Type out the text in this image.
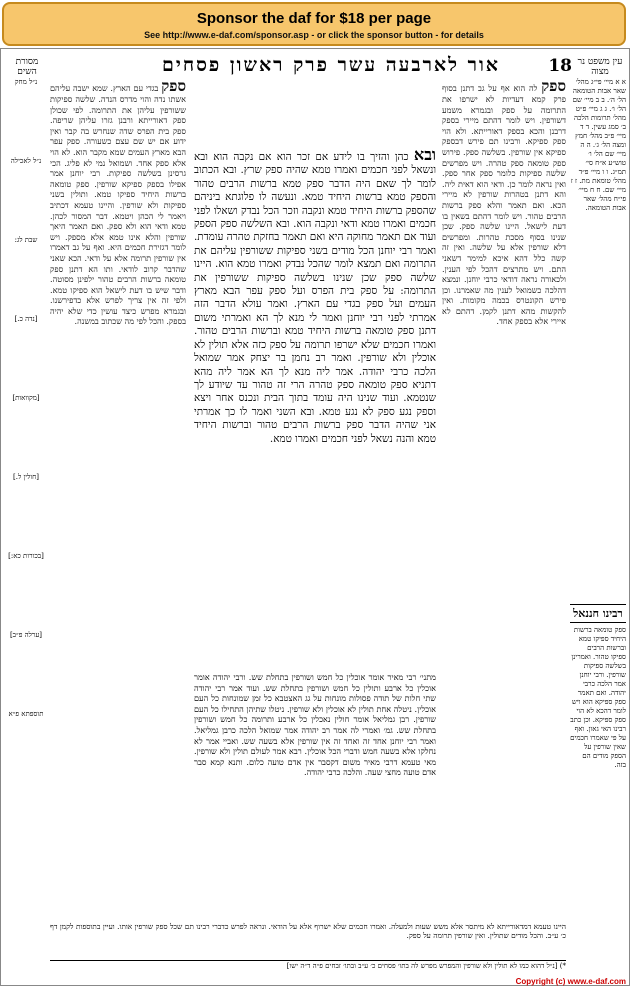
Sponsor the daf for $18 per page
See http://www.e-daf.com/sponsor.asp - or click the sponsor button - for details
עין משפט נר מצוה
18
אור לארבעה עשר פרק ראשון פסחים
מסורת השים
א א מיי׳ פי״ג מהל׳ שאר אבות הטומאה הל׳ ה׳. ב ב מיי׳ שם הל׳ ו׳. ג ג מיי׳ פ״ט מהל׳ תרומות הלכה ב׳ סמג עשין. ד ד מיי׳ פ״ב מהל׳ חמץ ומצה הל׳ ג׳. ה ה מיי׳ שם הל׳ ו׳ טוש״ע א״ח סי׳ תמ״ג. ו ו מיי׳ פ״ד מהל׳ טומאת מת. ז ז מיי׳ שם. ח ח מיי׳ פי״ח מהל׳ שאר אבות הטומאה.
רבינו חננאל
ספק טומאה ברשות היחיד ספיקו טמא וברשות הרבים ספיקו טהור. ואמרינן בשלשה ספיקות שורפין. ורבי יוחנן אמר הלכה כרבי יהודה. ואם תאמר ספק ספיקא הוא ויש לומר דהכא לא הוי ספק ספיקא. וכן כתב רבינו האי גאון. ואף על פי שאמרו חכמים שאין שורפין על הספק מודים הם בזה.
ספק לה הוא אף על גב דתנן בסוף פרק קמא דעדיות לא ישרפו את התרומה על ספק ובגמרא משמע דשורפין. ויש לומר דהתם מיירי בספק דרבנן והכא בספק דאורייתא. ולא הוי ספק ספיקא. ורבינו תם פירש דבספק ספיקא אין שורפין. בשלשה ספק. פירוש ספק טומאה ספק טהרה. ויש מפרשים שלשה ספיקות כלומר ספק אחר ספק. ואין נראה לומר כן. ודאי הוא דאית ליה. והא דתנן בטהרות שורפין לא מיירי הכא. ואם תאמר והלא ספק ברשות הרבים טהור. ויש לומר דהתם בשאין בו דעת לישאל. היינו שלשה ספק. שכן שנינו בסוף מסכת טהרות. ומפרשים דלא שורפין אלא על שלשה. ואין זה קשה כלל דהא איכא למימר דשאני התם. ויש מתרצים דהכל לפי הענין. ולכאורה נראה דודאי כרבי יוחנן. ונמצא דהלכה כשמואל לענין מה שאמרנו. וכן פירש הקונטרס בכמה מקומות. ואין להקשות מהא דתנן לקמן. דהתם לא איירי אלא בספק אחד.
ובא כהן והזיך בו לידע אם זכר הוא אם נקבה הוא ובא ונשאל לפני חכמים ואמרו טמא שהיה ספק שרץ. ובא הכתוב לומר לך שאם היה הדבר ספק טמא ברשות הרבים טהור והספק טמא ברשות היחיד טמא. ונעשה לו פלוגתא ביניהם שהספק ברשות היחיד טמא ונקבה וזכר הכל נבדק ושאלו לפני חכמים ואמרו טמא ודאי ונקבה הוא. ובא השלשה ספק הספק ועוד אם תאמר מחוקה היא ואם תאמר בחזקת טהרה עומדת. ואמר רבי יוחנן הכל מודים בשני ספיקות ששורפין עליהם את התרומה ואם תמצא לומר שהכל נבדק ואמרו טמא הוא. היינו שלשה ספק שכן שנינו בשלשה ספיקות ששורפין את התרומה: על ספק בית הפרס ועל ספק עפר הבא מארץ העמים ועל ספק בגדי עם הארץ. ואמר עולא הדבר הזה אמרתי לפני רבי יוחנן ואמר לי מנא לך הא ואמרתי משום דתנן ספק טומאה ברשות היחיד טמא וברשות הרבים טהור. ואמרו חכמים שלא ישרפו תרומה על ספק כזה אלא תולין לא אוכלין ולא שורפין. ואמר רב נחמן בר יצחק אמר שמואל הלכה כרבי יהודה. אמר ליה מנא לך הא אמר ליה מהא דתניא ספק טומאה ספק טהרה הרי זה טהור עד שיודע לך שנטמא. ועוד שנינו היה עומד בתוך הבית ונכנס אחר ויצא וספק נגע ספק לא נגע טמא. ובא השני ואמר לו כך אמרתי אני שהיה הדבר ספק ברשות הרבים טהור וברשות היחיד טמא והנה נשאל לפני חכמים ואמרו טמא.
מתני׳ רבי מאיר אומר אוכלין כל חמש ושורפין בתחלת שש. ורבי יהודה אומר אוכלין כל ארבע ותולין כל חמש ושורפין בתחלת שש. ועוד אמר רבי יהודה שתי חלות של תודה פסולות מונחות על גג האצטבא כל זמן שמונחות כל העם אוכלין. ניטלה אחת תולין לא אוכלין ולא שורפין. ניטלו שתיהן התחילו כל העם שורפין. רבן גמליאל אומר חולין נאכלין כל ארבע ותרומה כל חמש ושורפין בתחלת שש. גמ׳ ואמרי לה אמר רב יהודה אמר שמואל הלכה כרבן גמליאל. ואמר רבי יוחנן אחד זה ואחד זה אין שורפין אלא בשעה שש. ואביי אמר לא נחלקו אלא בשעה חמש ודברי הכל אוכלין. רבא אמר לעולם תולין ולא שורפין. מאי טעמא דרבי מאיר משום דקסבר אין אדם טועה כלום. ותנא קמא סבר אדם טועה מחצי שעה. והלכה כרבי יהודה.
ספק בגדי עם הארץ. שמא ישבה עליהם אשתו נדה והוי מדרס הנדה. שלשה ספיקות ששורפין עליהן את התרומה. לפי שכולן ספק דאורייתא ורבנן גזרו עליהן שריפה. ספק בית הפרס שדה שנחרש בה קבר ואין ידוע אם יש שם עצם כשעורה. ספק עפר הבא מארץ העמים שמא מקבר הוא. לא הוי אלא ספק אחד. ושמואל נמי לא פליג. הכי גרסינן בשלשה ספיקות. רבי יוחנן אמר אפילו בספק ספיקא שורפין. ספק טומאה ברשות היחיד ספיקו טמא. ותולין בשני ספיקות ולא שורפין. והיינו טעמא דכתיב ויאמר לי הכהן ויטמא. דבר המסור לכהן. טמא ודאי הוא ולא ספק. ואם תאמר היאך שורפין והלא אינו טמא אלא מספק. ויש לומר דגזירת חכמים היא. ואף על גב דאמרו אין שורפין תרומה אלא על ודאי. הכא שאני שהדבר קרוב לודאי. ותו הא דתנן ספק טומאה ברשות הרבים טהור ילפינן מסוטה. ודבר שיש בו דעת לישאל הוא ספיקו טמא. ולפי זה אין צריך לפרש אלא כדפירשנו. ובגמרא מפרש כיצד עושין כדי שלא יהיה בספק. והכל לפי מה שכתוב במשנה.
נ״ל מחק
נ״ל לאכילה
שבת לג:
[נדה כ.]
[מקוואות]
[חולין ל.]
[בכורות כא:]
[ערלה פ״ב]
תוספתא פ״א
היינו טעמא דמדאורייתא לא מיתסר אלא משש שעות ולמעלה. ואמרו חכמים שלא ישרוף אלא על הודאי. ונראה לפרש כדברי רבינו תם שכל ספק שורפין אותו. ועיין בתוספות לקמן דף כ׳ ע״ב. והכל מודים שתולין. ואין שורפין תרומה על ספק.
*) [נ״ל דהוא כמו לא תולין ולא שורפין והמפרש מפרש לה בתו׳ פסחים כ׳ ע״ב ובתו׳ זבחים פ״ה ד״ה ישו]
Copyright (c) www.e-daf.com
